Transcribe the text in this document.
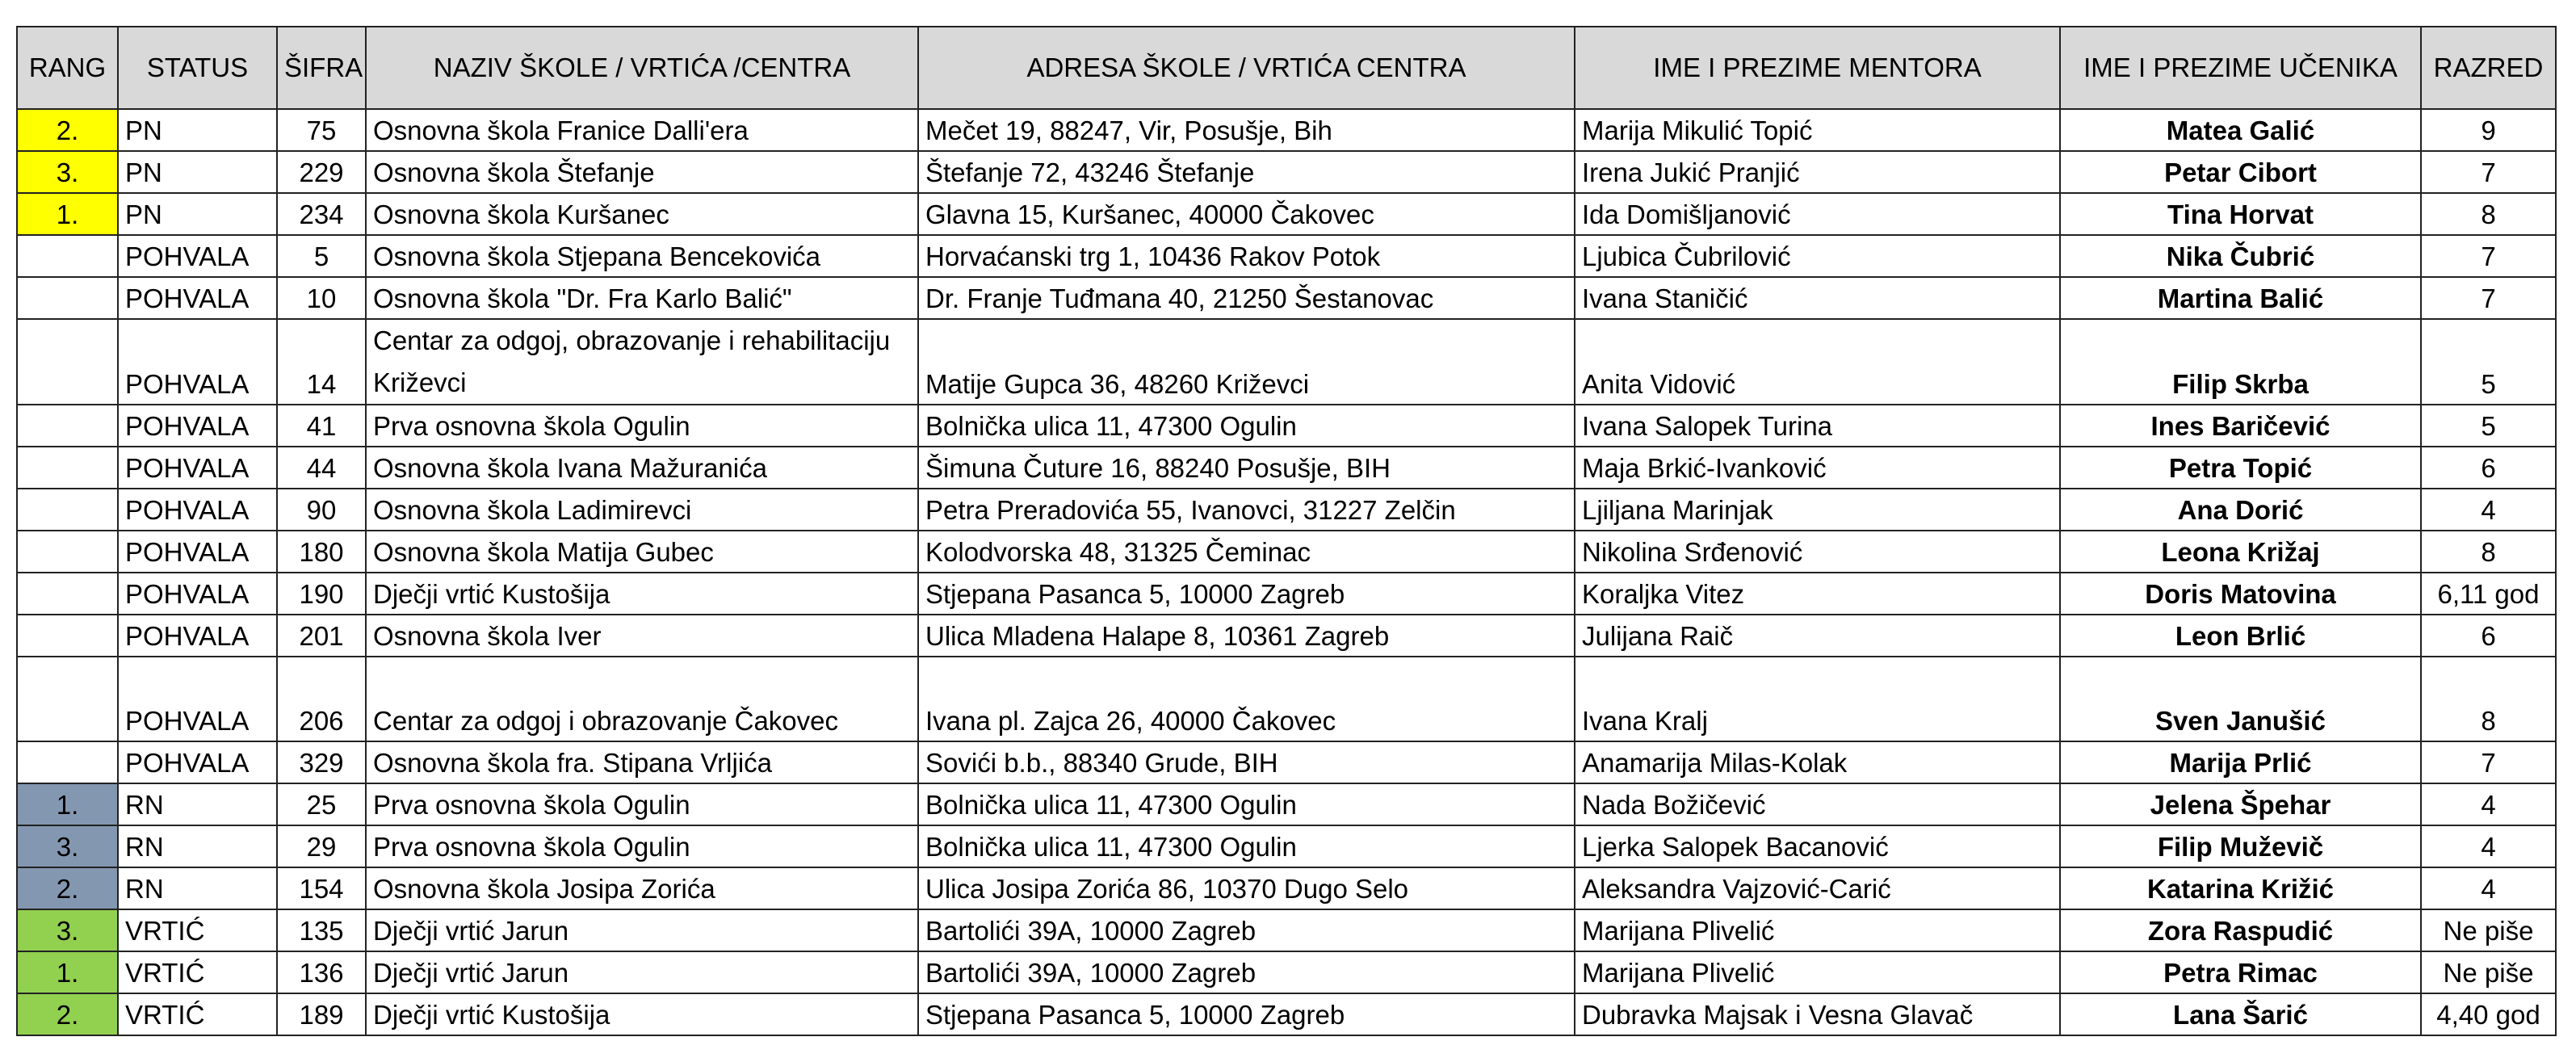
RANG	STATUS	ŠIFRA	NAZIV ŠKOLE / VRTIĆA /CENTRA	ADRESA ŠKOLE / VRTIĆA CENTRA	IME I PREZIME MENTORA	IME I PREZIME UČENIKA	RAZRED
2.	PN	75	Osnovna škola Franice Dalli'era	Mečet 19, 88247, Vir, Posušje, Bih	Marija Mikulić Topić	Matea Galić	9
3.	PN	229	Osnovna škola Štefanje	Štefanje 72, 43246 Štefanje	Irena Jukić Pranjić	Petar Cibort	7
1.	PN	234	Osnovna škola Kuršanec	Glavna 15, Kuršanec, 40000 Čakovec	Ida Domišljanović	Tina Horvat	8
	POHVALA	5	Osnovna škola Stjepana Bencekovića	Horvaćanski trg 1, 10436 Rakov Potok	Ljubica Čubrilović	Nika Čubrić	7
	POHVALA	10	Osnovna škola "Dr. Fra Karlo Balić"	Dr. Franje Tuđmana 40, 21250 Šestanovac	Ivana Staničić	Martina Balić	7
	POHVALA	14	Centar za odgoj, obrazovanje i rehabilitaciju Križevci	Matije Gupca 36, 48260 Križevci	Anita Vidović	Filip Skrba	5
	POHVALA	41	Prva osnovna škola Ogulin	Bolnička ulica 11, 47300 Ogulin	Ivana Salopek Turina	Ines Baričević	5
	POHVALA	44	Osnovna škola Ivana Mažuranića	Šimuna Čuture 16, 88240 Posušje, BIH	Maja Brkić-Ivanković	Petra Topić	6
	POHVALA	90	Osnovna škola Ladimirevci	Petra Preradovića 55, Ivanovci, 31227 Zelčin	Ljiljana Marinjak	Ana Dorić	4
	POHVALA	180	Osnovna škola Matija Gubec	Kolodvorska 48, 31325 Čeminac	Nikolina Srđenović	Leona Križaj	8
	POHVALA	190	Dječji vrtić Kustošija	Stjepana Pasanca 5, 10000 Zagreb	Koraljka Vitez	Doris Matovina	6,11 god
	POHVALA	201	Osnovna škola Iver	Ulica Mladena Halape 8, 10361 Zagreb	Julijana Raič	Leon Brlić	6
	POHVALA	206	Centar za odgoj i obrazovanje Čakovec	Ivana pl. Zajca 26, 40000 Čakovec	Ivana Kralj	Sven Janušić	8
	POHVALA	329	Osnovna škola fra. Stipana Vrljića	Sovići b.b., 88340 Grude, BIH	Anamarija Milas-Kolak	Marija Prlić	7
1.	RN	25	Prva osnovna škola Ogulin	Bolnička ulica 11, 47300 Ogulin	Nada Božičević	Jelena Špehar	4
3.	RN	29	Prva osnovna škola Ogulin	Bolnička ulica 11, 47300 Ogulin	Ljerka Salopek Bacanović	Filip Muževič	4
2.	RN	154	Osnovna škola Josipa Zorića	Ulica Josipa Zorića 86, 10370 Dugo Selo	Aleksandra Vajzović-Carić	Katarina Križić	4
3.	VRTIĆ	135	Dječji vrtić Jarun	Bartolići 39A, 10000 Zagreb	Marijana Plivelić	Zora Raspudić	Ne piše
1.	VRTIĆ	136	Dječji vrtić Jarun	Bartolići 39A, 10000 Zagreb	Marijana Plivelić	Petra Rimac	Ne piše
2.	VRTIĆ	189	Dječji vrtić Kustošija	Stjepana Pasanca 5, 10000 Zagreb	Dubravka Majsak i Vesna Glavač	Lana Šarić	4,40 god
